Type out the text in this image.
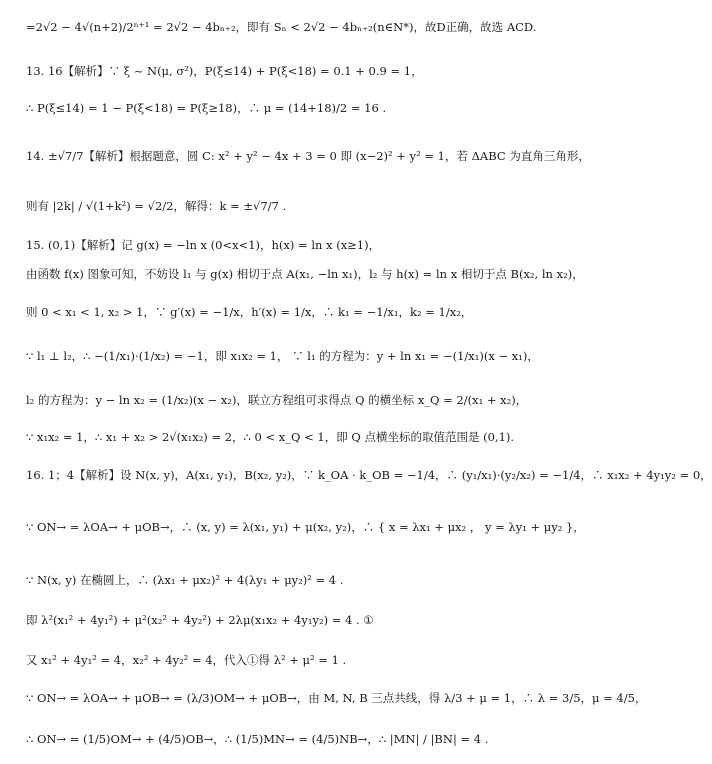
=2√2 − 4√(n+2)/2ⁿ⁺¹ = 2√2 − 4bₙ₊₂，即有 Sₙ < 2√2 − 4bₙ₊₂(n∈N*)，故D正确，故选 ACD.
13. 16【解析】∵ ξ ~ N(μ, σ²)，P(ξ≤14) + P(ξ<18) = 0.1 + 0.9 = 1，
∴ P(ξ≤14) = 1 − P(ξ<18) = P(ξ≥18)，∴ μ = (14+18)/2 = 16 .
14. ±√7/7【解析】根据题意，圆 C: x² + y² − 4x + 3 = 0 即 (x−2)² + y² = 1，若 ΔABC 为直角三角形，
则有 |2k| / √(1+k²) = √2/2，解得：k = ±√7/7 .
15. (0,1)【解析】记 g(x) = −ln x (0<x<1)，h(x) = ln x (x≥1)，
由函数 f(x) 图象可知，不妨设 l₁ 与 g(x) 相切于点 A(x₁, −ln x₁)，l₂ 与 h(x) = ln x 相切于点 B(x₂, ln x₂)，
则 0 < x₁ < 1, x₂ > 1，∵ g′(x) = −1/x，h′(x) = 1/x，∴ k₁ = −1/x₁，k₂ = 1/x₂，
∵ l₁ ⊥ l₂，∴ −(1/x₁)·(1/x₂) = −1，即 x₁x₂ = 1， ∵ l₁ 的方程为：y + ln x₁ = −(1/x₁)(x − x₁)，
l₂ 的方程为：y − ln x₂ = (1/x₂)(x − x₂)，联立方程组可求得点 Q 的横坐标 x_Q = 2/(x₁ + x₂)，
∵ x₁x₂ = 1，∴ x₁ + x₂ > 2√(x₁x₂) = 2，∴ 0 < x_Q < 1，即 Q 点横坐标的取值范围是 (0,1).
16. 1；4【解析】设 N(x, y)，A(x₁, y₁)，B(x₂, y₂)，∵ k_OA · k_OB = −1/4，∴ (y₁/x₁)·(y₂/x₂) = −1/4，∴ x₁x₂ + 4y₁y₂ = 0，
∵ ON→ = λOA→ + μOB→，∴ (x, y) = λ(x₁, y₁) + μ(x₂, y₂)，∴ { x = λx₁ + μx₂ ， y = λy₁ + μy₂ }，
∵ N(x, y) 在椭圆上，∴ (λx₁ + μx₂)² + 4(λy₁ + μy₂)² = 4 .
即 λ²(x₁² + 4y₁²) + μ²(x₂² + 4y₂²) + 2λμ(x₁x₂ + 4y₁y₂) = 4 . ①
又 x₁² + 4y₁² = 4，x₂² + 4y₂² = 4，代入①得 λ² + μ² = 1 .
∵ ON→ = λOA→ + μOB→ = (λ/3)OM→ + μOB→，由 M, N, B 三点共线，得 λ/3 + μ = 1，∴ λ = 3/5，μ = 4/5，
∴ ON→ = (1/5)OM→ + (4/5)OB→，∴ (1/5)MN→ = (4/5)NB→，∴ |MN| / |BN| = 4 .
